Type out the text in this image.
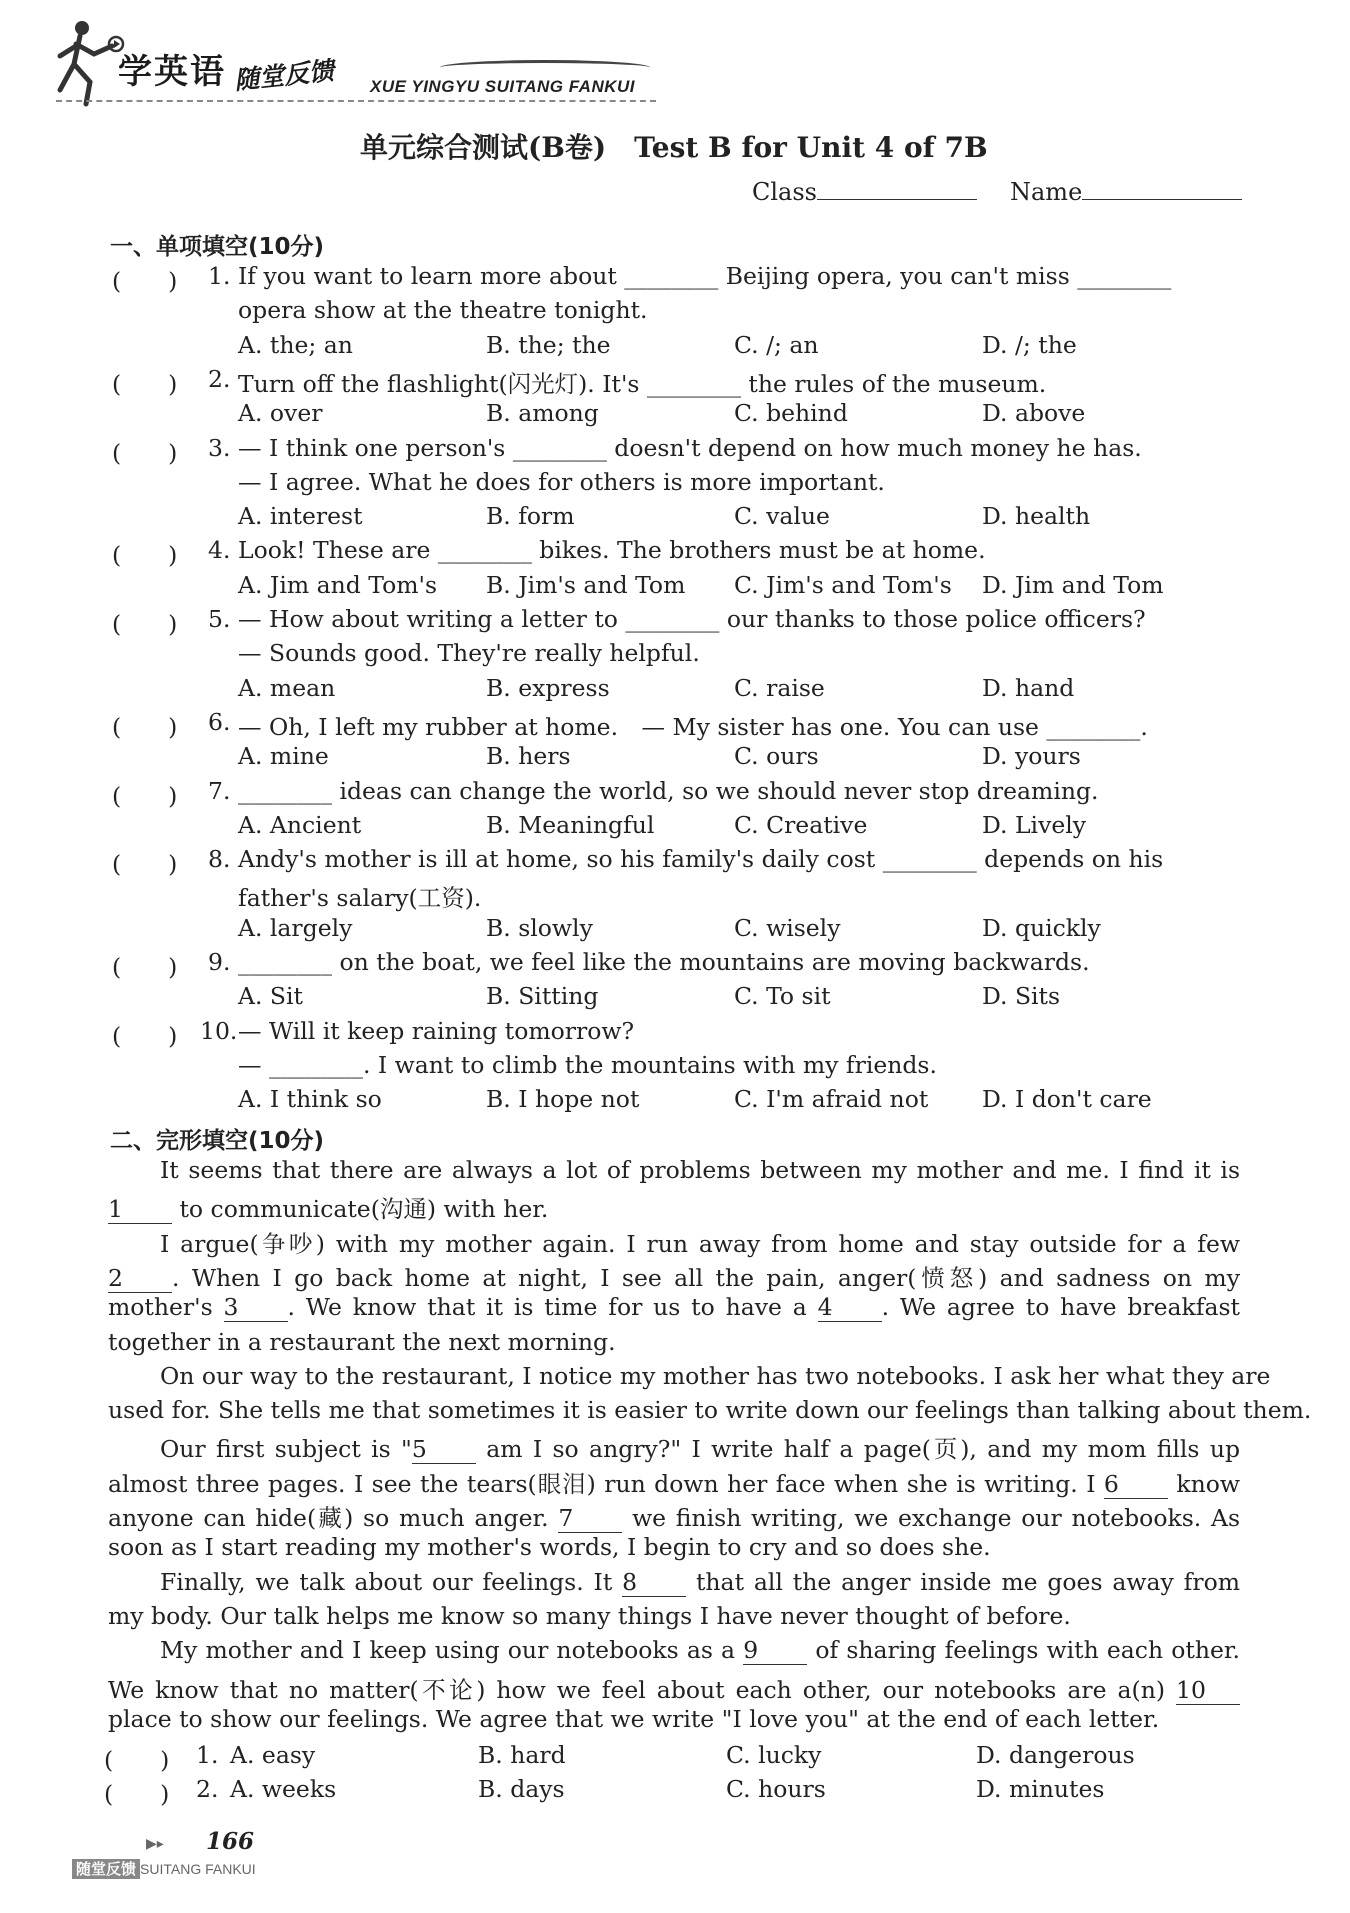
学英语 随堂反馈 XUE YINGYU SUITANG FANKUI
单元综合测试(B卷)　Test B for Unit 4 of 7B
Class	Name
一、单项填空(10分)
(　　) 1. If you want to learn more about ________ Beijing opera, you can't miss ________
opera show at the theatre tonight.
A. the; an	B. the; the	C. /; an	D. /; the
(　　) 2. Turn off the flashlight(闪光灯). It's ________ the rules of the museum.
A. over	B. among	C. behind	D. above
(　　) 3. — I think one person's ________ doesn't depend on how much money he has.
— I agree. What he does for others is more important.
A. interest	B. form	C. value	D. health
(　　) 4. Look! These are ________ bikes. The brothers must be at home.
A. Jim and Tom's B. Jim's and Tom C. Jim's and Tom's D. Jim and Tom
(　　) 5. — How about writing a letter to ________ our thanks to those police officers?
— Sounds good. They're really helpful.
A. mean	B. express	C. raise	D. hand
(　　) 6. — Oh, I left my rubber at home.　— My sister has one. You can use ________.
A. mine	B. hers	C. ours	D. yours
(　　) 7. ________ ideas can change the world, so we should never stop dreaming.
A. Ancient	B. Meaningful	C. Creative	D. Lively
(　　) 8. Andy's mother is ill at home, so his family's daily cost ________ depends on his
father's salary(工资).
A. largely	B. slowly	C. wisely	D. quickly
(　　) 9. ________ on the boat, we feel like the mountains are moving backwards.
A. Sit	B. Sitting	C. To sit	D. Sits
(　　) 10. — Will it keep raining tomorrow?
— ________. I want to climb the mountains with my friends.
A. I think so	B. I hope not	C. I'm afraid not D. I don't care
二、完形填空(10分)
It seems that there are always a lot of problems between my mother and me. I find it is
1 to communicate(沟通) with her.
I argue(争吵) with my mother again. I run away from home and stay outside for a few
2 . When I go back home at night, I see all the pain, anger(愤怒) and sadness on my
mother's 3 . We know that it is time for us to have a 4 . We agree to have breakfast
together in a restaurant the next morning.
On our way to the restaurant, I notice my mother has two notebooks. I ask her what they are
used for. She tells me that sometimes it is easier to write down our feelings than talking about them.
Our first subject is "5 am I so angry?" I write half a page(页), and my mom fills up
almost three pages. I see the tears(眼泪) run down her face when she is writing. I 6 know
anyone can hide(藏) so much anger. 7 we finish writing, we exchange our notebooks. As
soon as I start reading my mother's words, I begin to cry and so does she.
Finally, we talk about our feelings. It 8 that all the anger inside me goes away from
my body. Our talk helps me know so many things I have never thought of before.
My mother and I keep using our notebooks as a 9 of sharing feelings with each other.
We know that no matter(不论) how we feel about each other, our notebooks are a(n) 10
place to show our feelings. We agree that we write "I love you" at the end of each letter.
(　　) 1. A. easy	B. hard	C. lucky	D. dangerous
(　　) 2. A. weeks	B. days	C. hours	D. minutes
▶▸ 166
随堂反馈 SUITANG FANKUI
